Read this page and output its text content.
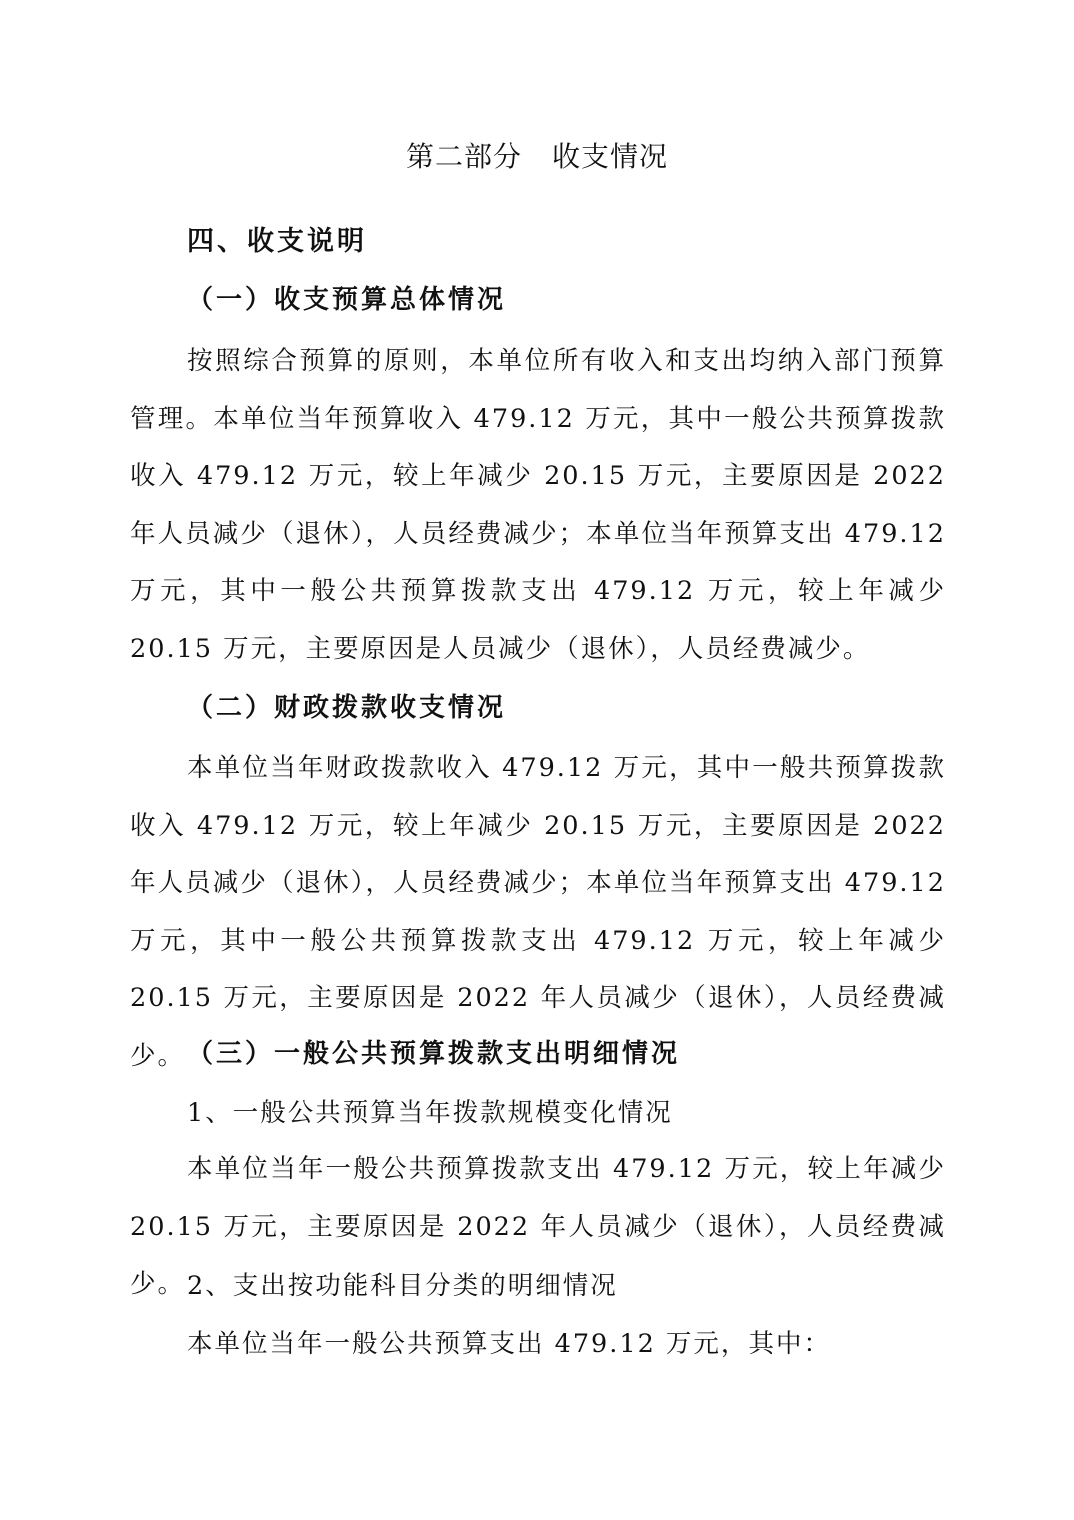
第二部分 收支情况
四、收支说明
（一）收支预算总体情况
按照综合预算的原则，本单位所有收入和支出均纳入部门预算管理。本单位当年预算收入 479.12 万元，其中一般公共预算拨款收入 479.12 万元，较上年减少 20.15 万元，主要原因是 2022 年人员减少（退休），人员经费减少；本单位当年预算支出 479.12 万元，其中一般公共预算拨款支出 479.12 万元，较上年减少 20.15 万元，主要原因是人员减少（退休），人员经费减少。
（二）财政拨款收支情况
本单位当年财政拨款收入 479.12 万元，其中一般共预算拨款收入 479.12 万元，较上年减少 20.15 万元，主要原因是 2022 年人员减少（退休），人员经费减少；本单位当年预算支出 479.12 万元，其中一般公共预算拨款支出 479.12 万元，较上年减少 20.15 万元，主要原因是 2022 年人员减少（退休），人员经费减少。 （三）一般公共预算拨款支出明细情况
1、一般公共预算当年拨款规模变化情况
本单位当年一般公共预算拨款支出 479.12 万元，较上年减少 20.15 万元，主要原因是 2022 年人员减少（退休），人员经费减少。 2、支出按功能科目分类的明细情况
本单位当年一般公共预算支出 479.12 万元，其中：
